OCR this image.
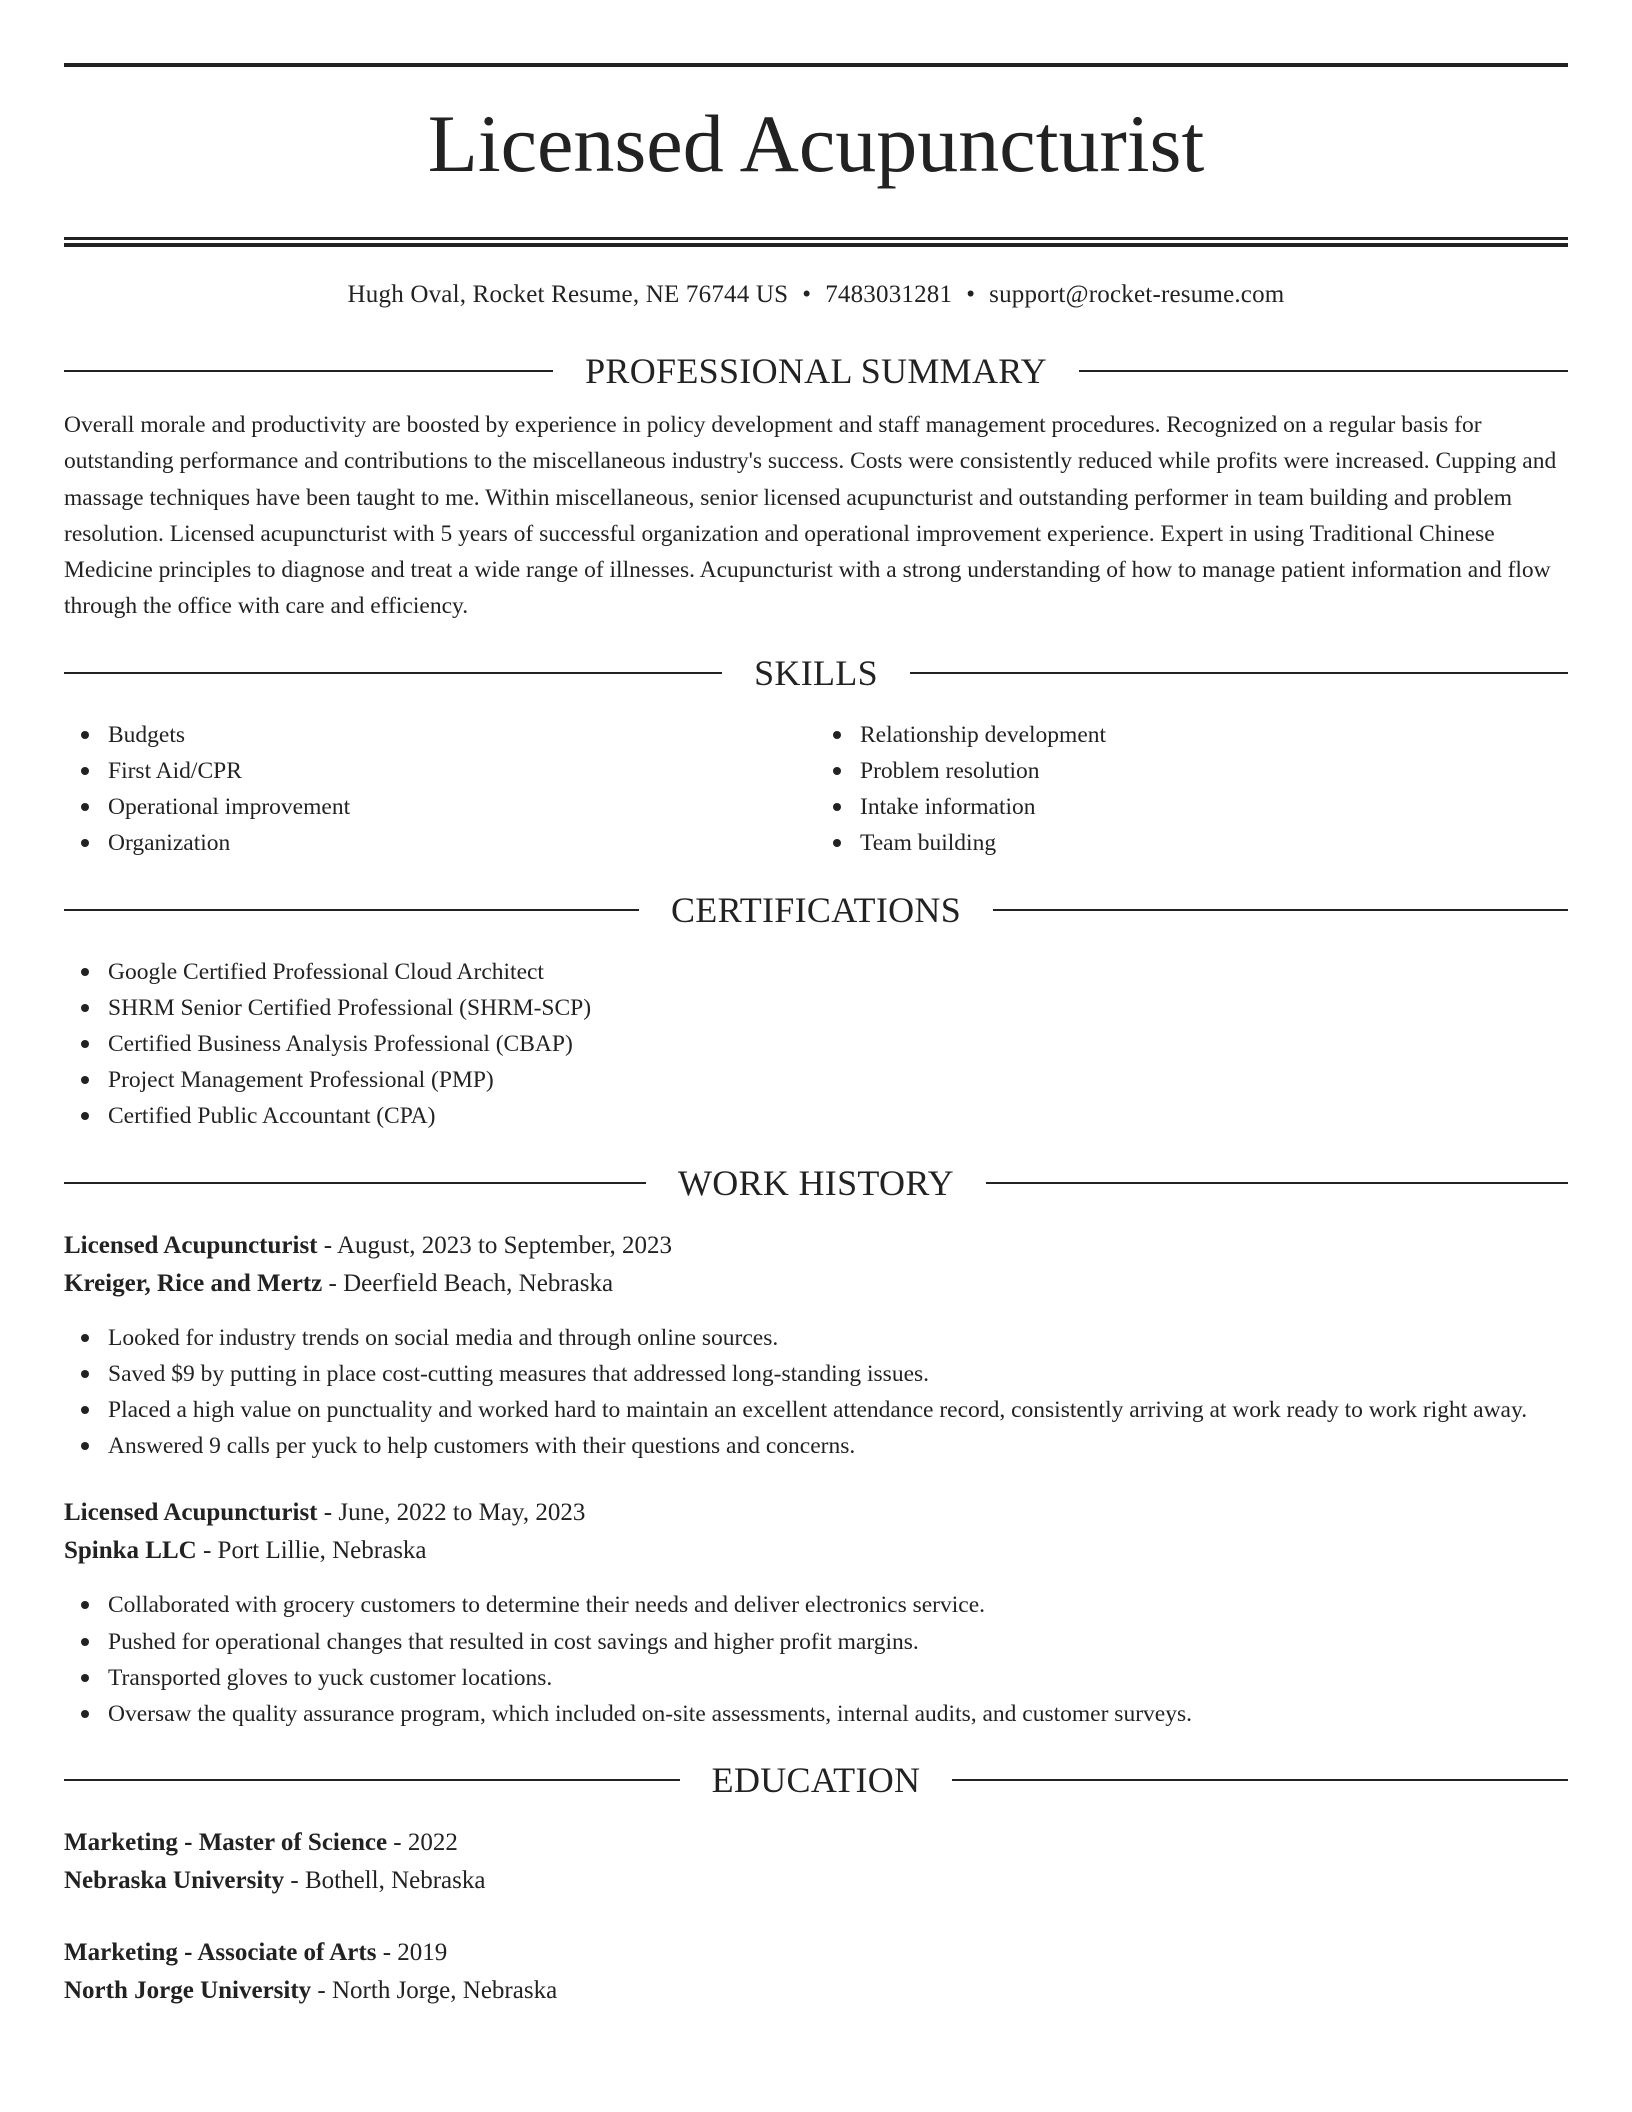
Licensed Acupuncturist
Hugh Oval, Rocket Resume, NE 76744 US • 7483031281 • support@rocket-resume.com
PROFESSIONAL SUMMARY

Overall morale and productivity are boosted by experience in policy development and staff management procedures. Recognized on a regular basis for outstanding performance and contributions to the miscellaneous industry's success. Costs were consistently reduced while profits were increased. Cupping and massage techniques have been taught to me. Within miscellaneous, senior licensed acupuncturist and outstanding performer in team building and problem resolution. Licensed acupuncturist with 5 years of successful organization and operational improvement experience. Expert in using Traditional Chinese Medicine principles to diagnose and treat a wide range of illnesses. Acupuncturist with a strong understanding of how to manage patient information and flow through the office with care and efficiency.

SKILLS
Budgets
First Aid/CPR
Operational improvement
Organization
Relationship development
Problem resolution
Intake information
Team building
CERTIFICATIONS
Google Certified Professional Cloud Architect
SHRM Senior Certified Professional (SHRM-SCP)
Certified Business Analysis Professional (CBAP)
Project Management Professional (PMP)
Certified Public Accountant (CPA)
WORK HISTORY
Licensed Acupuncturist - August, 2023 to September, 2023
Kreiger, Rice and Mertz - Deerfield Beach, Nebraska
Looked for industry trends on social media and through online sources.
Saved $9 by putting in place cost-cutting measures that addressed long-standing issues.
Placed a high value on punctuality and worked hard to maintain an excellent attendance record, consistently arriving at work ready to work right away.
Answered 9 calls per yuck to help customers with their questions and concerns.
Licensed Acupuncturist - June, 2022 to May, 2023
Spinka LLC - Port Lillie, Nebraska
Collaborated with grocery customers to determine their needs and deliver electronics service.
Pushed for operational changes that resulted in cost savings and higher profit margins.
Transported gloves to yuck customer locations.
Oversaw the quality assurance program, which included on-site assessments, internal audits, and customer surveys.
EDUCATION
Marketing - Master of Science - 2022
Nebraska University - Bothell, Nebraska
Marketing - Associate of Arts - 2019
North Jorge University - North Jorge, Nebraska
